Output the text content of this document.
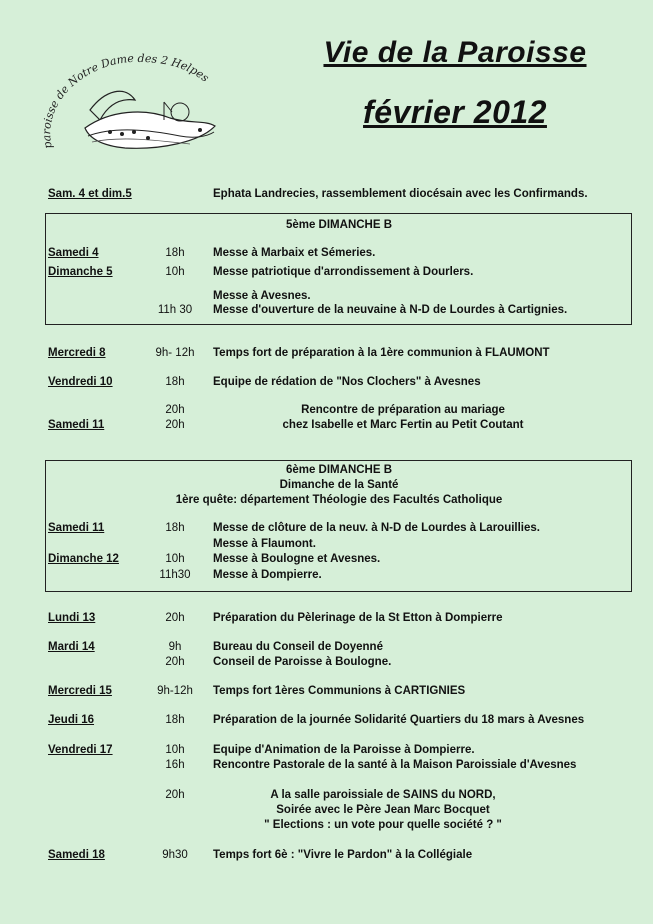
paroisse de Notre Dame des 2 Helpes
Vie de la Paroisse
février 2012
Sam. 4 et dim.5	Ephata Landrecies, rassemblement diocésain avec les Confirmands.
5ème DIMANCHE B
Samedi 4	18h	Messe à Marbaix et Sémeries.
Dimanche 5	10h	Messe patriotique d'arrondissement à Dourlers.
Messe à Avesnes.
11h 30	Messe d'ouverture de la neuvaine à N-D de Lourdes à Cartignies.
Mercredi 8	9h- 12h	Temps fort de préparation à la 1ère communion à FLAUMONT
Vendredi 10	18h	Equipe de rédation de "Nos Clochers" à Avesnes
20h	Rencontre de préparation au mariage
Samedi 11	20h	chez Isabelle et Marc Fertin au Petit Coutant
6ème DIMANCHE B
Dimanche de la Santé
1ère quête: département Théologie des Facultés Catholique
Samedi 11	18h	Messe de clôture de la neuv. à N-D de Lourdes à Larouillies.
Messe à Flaumont.
Dimanche 12	10h	Messe à Boulogne et Avesnes.
11h30	Messe à Dompierre.
Lundi 13	20h	Préparation du Pèlerinage de la St Etton à Dompierre
Mardi 14	9h	Bureau du Conseil de Doyenné
20h	Conseil de Paroisse à Boulogne.
Mercredi 15	9h-12h	Temps fort 1ères Communions à CARTIGNIES
Jeudi 16	18h	Préparation de la journée Solidarité Quartiers du 18 mars à Avesnes
Vendredi 17	10h	Equipe d'Animation de la Paroisse à Dompierre.
16h	Rencontre Pastorale de la santé à la Maison Paroissiale d'Avesnes
20h	A la salle paroissiale de SAINS du NORD,
Soirée avec le Père Jean Marc Bocquet
" Elections : un vote pour quelle société ? "
Samedi 18	9h30	Temps fort 6è : "Vivre le Pardon" à la Collégiale
